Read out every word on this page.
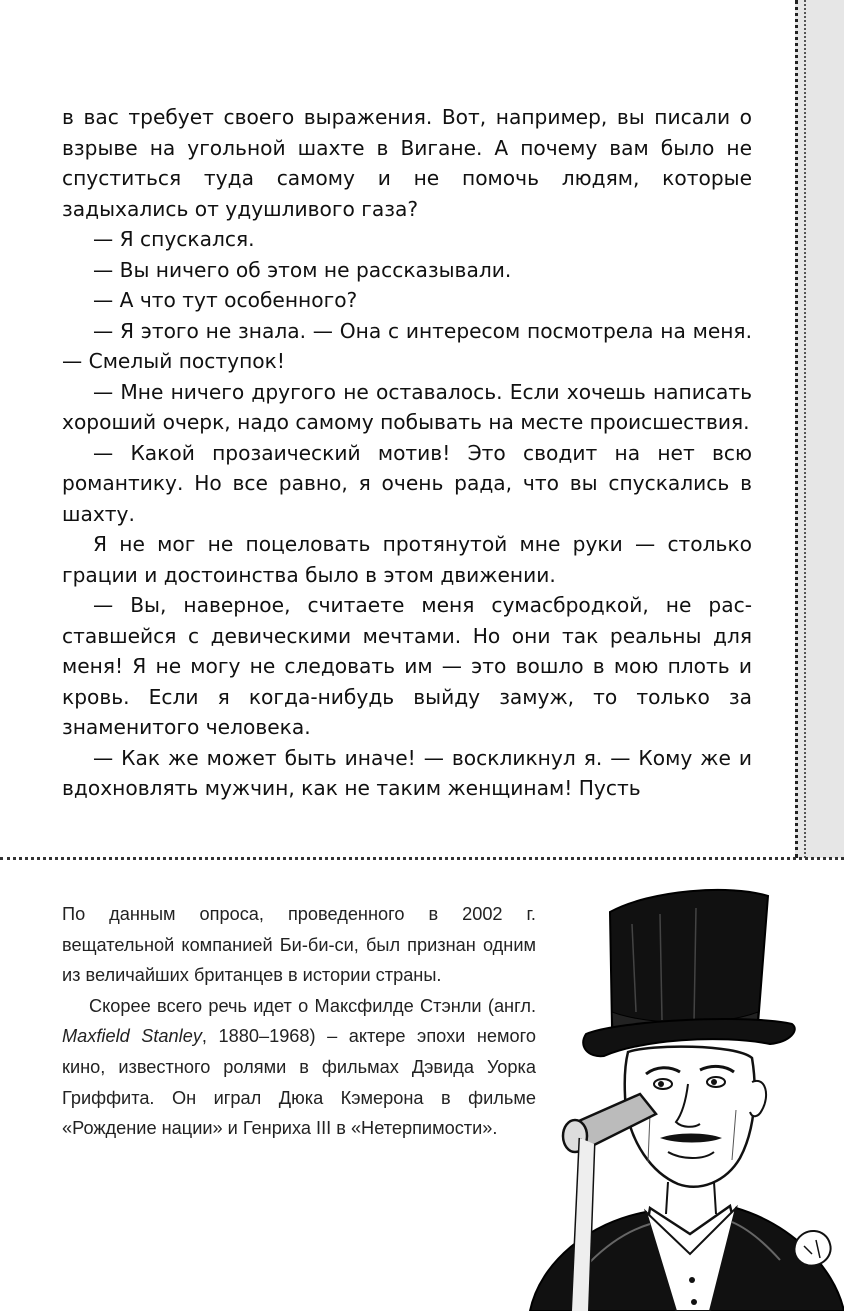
в вас требует своего выражения. Вот, например, вы писали о взрыве на угольной шахте в Вигане. А почему вам было не спуститься туда самому и не помочь людям, которые задыхались от удушливого газа?

— Я спускался.

— Вы ничего об этом не рассказывали.

— А что тут особенного?

— Я этого не знала. — Она с интересом посмотрела на меня. — Смелый поступок!

— Мне ничего другого не оставалось. Если хочешь написать хороший очерк, надо самому побывать на месте происшествия.

— Какой прозаический мотив! Это сводит на нет всю романтику. Но все равно, я очень рада, что вы спускались в шахту.

Я не мог не поцеловать протянутой мне руки — столько грации и достоинства было в этом движении.

— Вы, наверное, считаете меня сумасбродкой, не расставшейся с девическими мечтами. Но они так реальны для меня! Я не могу не следовать им — это вошло в мою плоть и кровь. Если я когда-нибудь выйду замуж, то только за знаменитого человека.

— Как же может быть иначе! — воскликнул я. — Кому же и вдохновлять мужчин, как не таким женщинам! Пусть

По данным опроса, проведенного в 2002 г. вещательной компанией Би-би-си, был признан одним из величайших британцев в истории страны.

Скорее всего речь идет о Максфилде Стэнли (англ. Maxfield Stanley, 1880–1968) – актере эпохи немого кино, известного ролями в фильмах Дэвида Уорка Гриффита. Он играл Дюка Кэмерона в фильме «Рождение нации» и Генриха III в «Нетерпимости».
